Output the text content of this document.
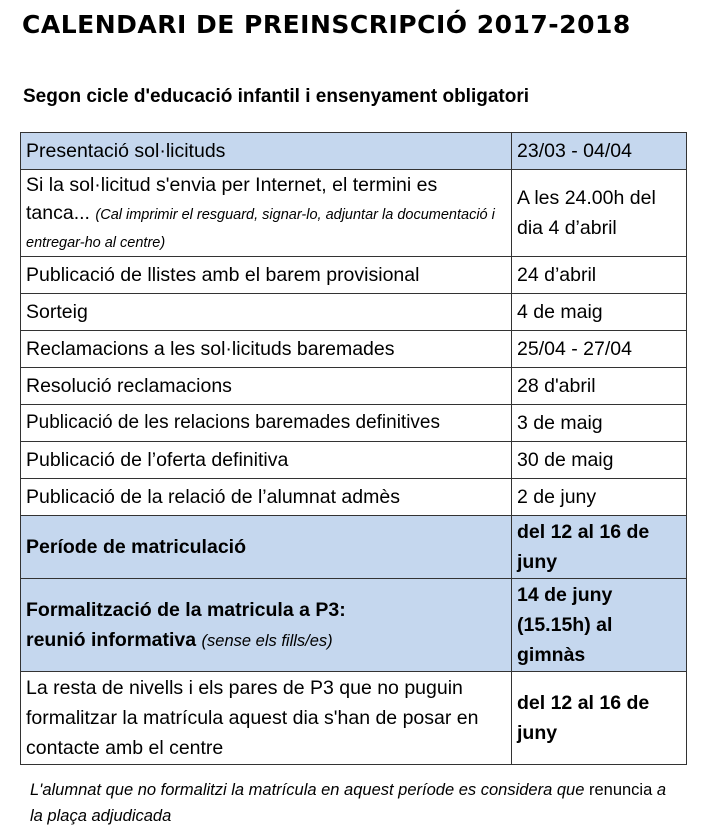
CALENDARI DE PREINSCRIPCIÓ 2017-2018
Segon cicle d'educació infantil i ensenyament obligatori
Presentació sol·licituds	23/03 - 04/04
Si la sol·licitud s'envia per Internet, el termini es tanca... (Cal imprimir el resguard, signar-lo, adjuntar la documentació i entregar-ho al centre)	A les 24.00h del dia 4 d’abril
Publicació de llistes amb el barem provisional	24 d’abril
Sorteig	4 de maig
Reclamacions a les sol·licituds baremades	25/04 - 27/04
Resolució reclamacions	28 d'abril
Publicació de les relacions baremades definitives	3 de maig
Publicació de l’oferta definitiva	30 de maig
Publicació de la relació de l’alumnat admès	2 de juny
Període de matriculació	del 12 al 16 de juny

Formalització de la matricula a P3:
reunió informativa (sense els fills/es)	14 de juny (15.15h) al gimnàs
La resta de nivells i els pares de P3 que no puguin formalitzar la matrícula aquest dia s'han de posar en contacte amb el centre	del 12 al 16 de juny
L'alumnat que no formalitzi la matrícula en aquest període es considera que renuncia a la plaça adjudicada
